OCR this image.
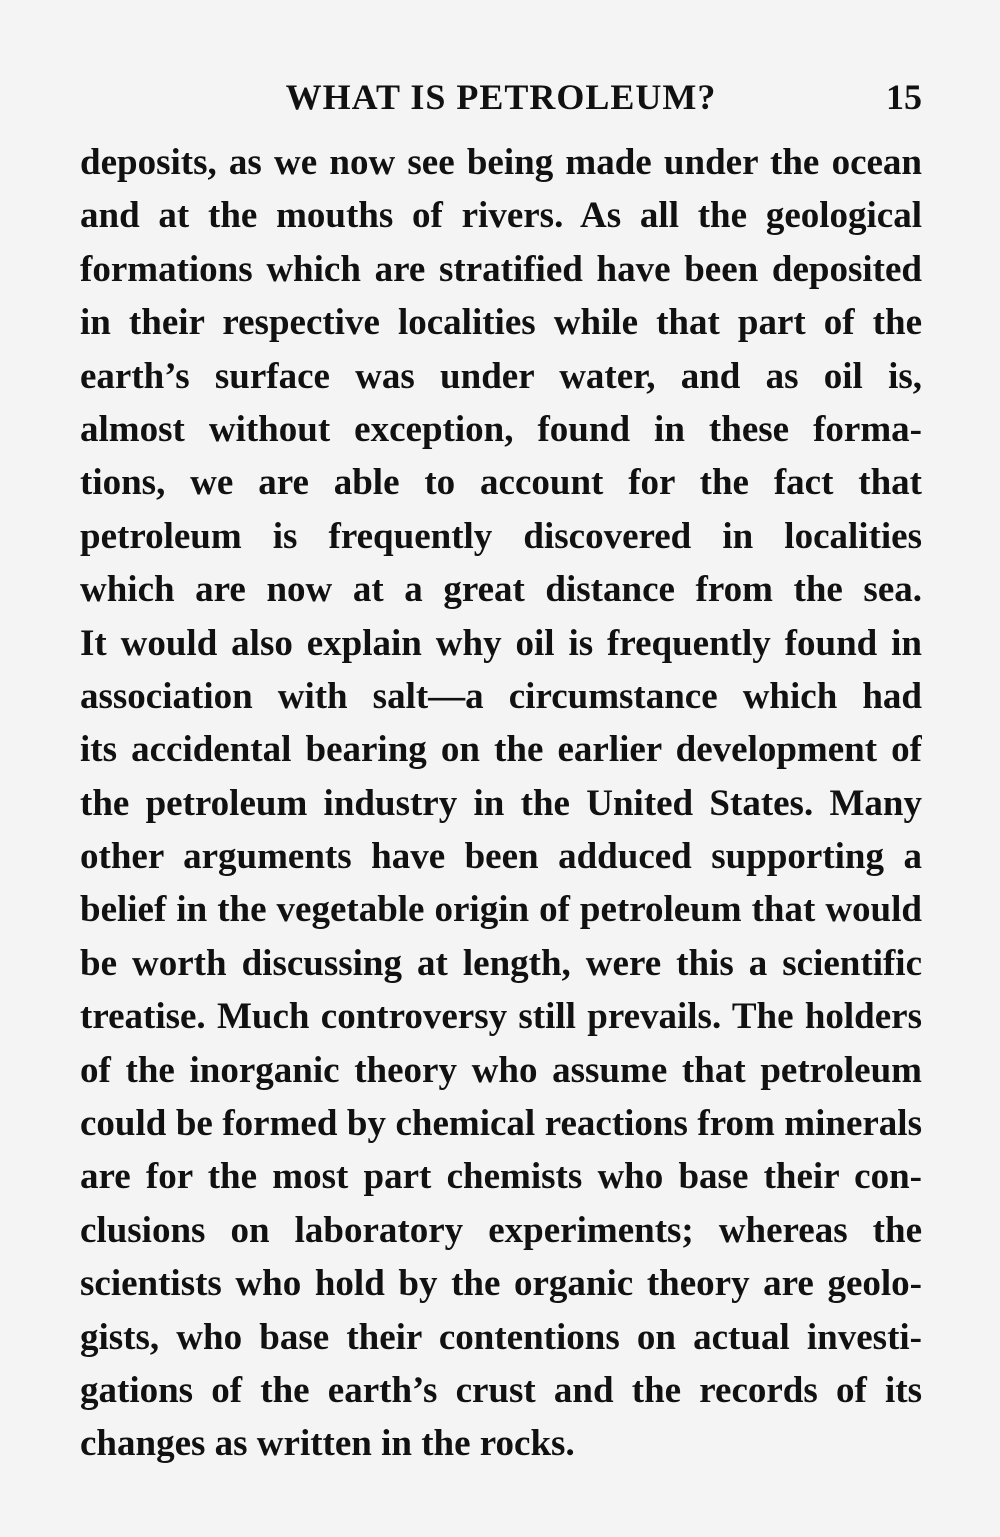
WHAT IS PETROLEUM?	15
deposits, as we now see being made under the ocean
and at the mouths of rivers. As all the geological
formations which are stratified have been deposited
in their respective localities while that part of the
earth’s surface was under water, and as oil is,
almost without exception, found in these forma-
tions, we are able to account for the fact that
petroleum is frequently discovered in localities
which are now at a great distance from the sea.
It would also explain why oil is frequently found in
association with salt—a circumstance which had
its accidental bearing on the earlier development of
the petroleum industry in the United States. Many
other arguments have been adduced supporting a
belief in the vegetable origin of petroleum that would
be worth discussing at length, were this a scientific
treatise. Much controversy still prevails. The holders
of the inorganic theory who assume that petroleum
could be formed by chemical reactions from minerals
are for the most part chemists who base their con-
clusions on laboratory experiments; whereas the
scientists who hold by the organic theory are geolo-
gists, who base their contentions on actual investi-
gations of the earth’s crust and the records of its
changes as written in the rocks.
